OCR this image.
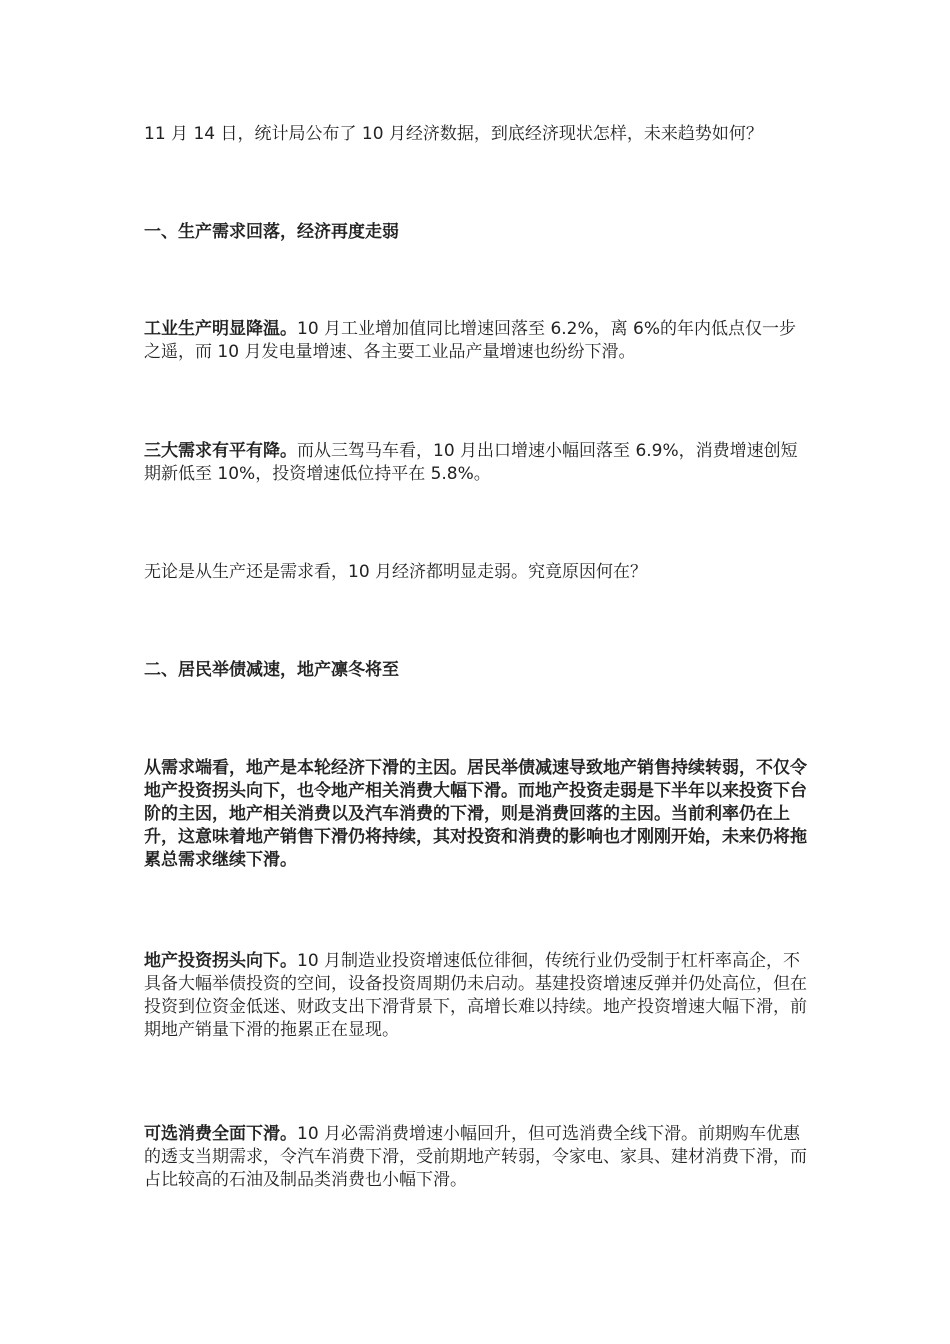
11 月 14 日，统计局公布了 10 月经济数据，到底经济现状怎样，未来趋势如何？

一、生产需求回落，经济再度走弱

工业生产明显降温。10 月工业增加值同比增速回落至 6.2%，离 6%的年内低点仅一步之遥，而 10 月发电量增速、各主要工业品产量增速也纷纷下滑。

三大需求有平有降。而从三驾马车看，10 月出口增速小幅回落至 6.9%，消费增速创短期新低至 10%，投资增速低位持平在 5.8%。

无论是从生产还是需求看，10 月经济都明显走弱。究竟原因何在？

二、居民举债减速，地产凛冬将至

从需求端看，地产是本轮经济下滑的主因。居民举债减速导致地产销售持续转弱，不仅令地产投资拐头向下，也令地产相关消费大幅下滑。而地产投资走弱是下半年以来投资下台阶的主因，地产相关消费以及汽车消费的下滑，则是消费回落的主因。当前利率仍在上升，这意味着地产销售下滑仍将持续，其对投资和消费的影响也才刚刚开始，未来仍将拖累总需求继续下滑。

地产投资拐头向下。10 月制造业投资增速低位徘徊，传统行业仍受制于杠杆率高企，不具备大幅举债投资的空间，设备投资周期仍未启动。基建投资增速反弹并仍处高位，但在投资到位资金低迷、财政支出下滑背景下，高增长难以持续。地产投资增速大幅下滑，前期地产销量下滑的拖累正在显现。

可选消费全面下滑。10 月必需消费增速小幅回升，但可选消费全线下滑。前期购车优惠的透支当期需求，令汽车消费下滑，受前期地产转弱，令家电、家具、建材消费下滑，而占比较高的石油及制品类消费也小幅下滑。
